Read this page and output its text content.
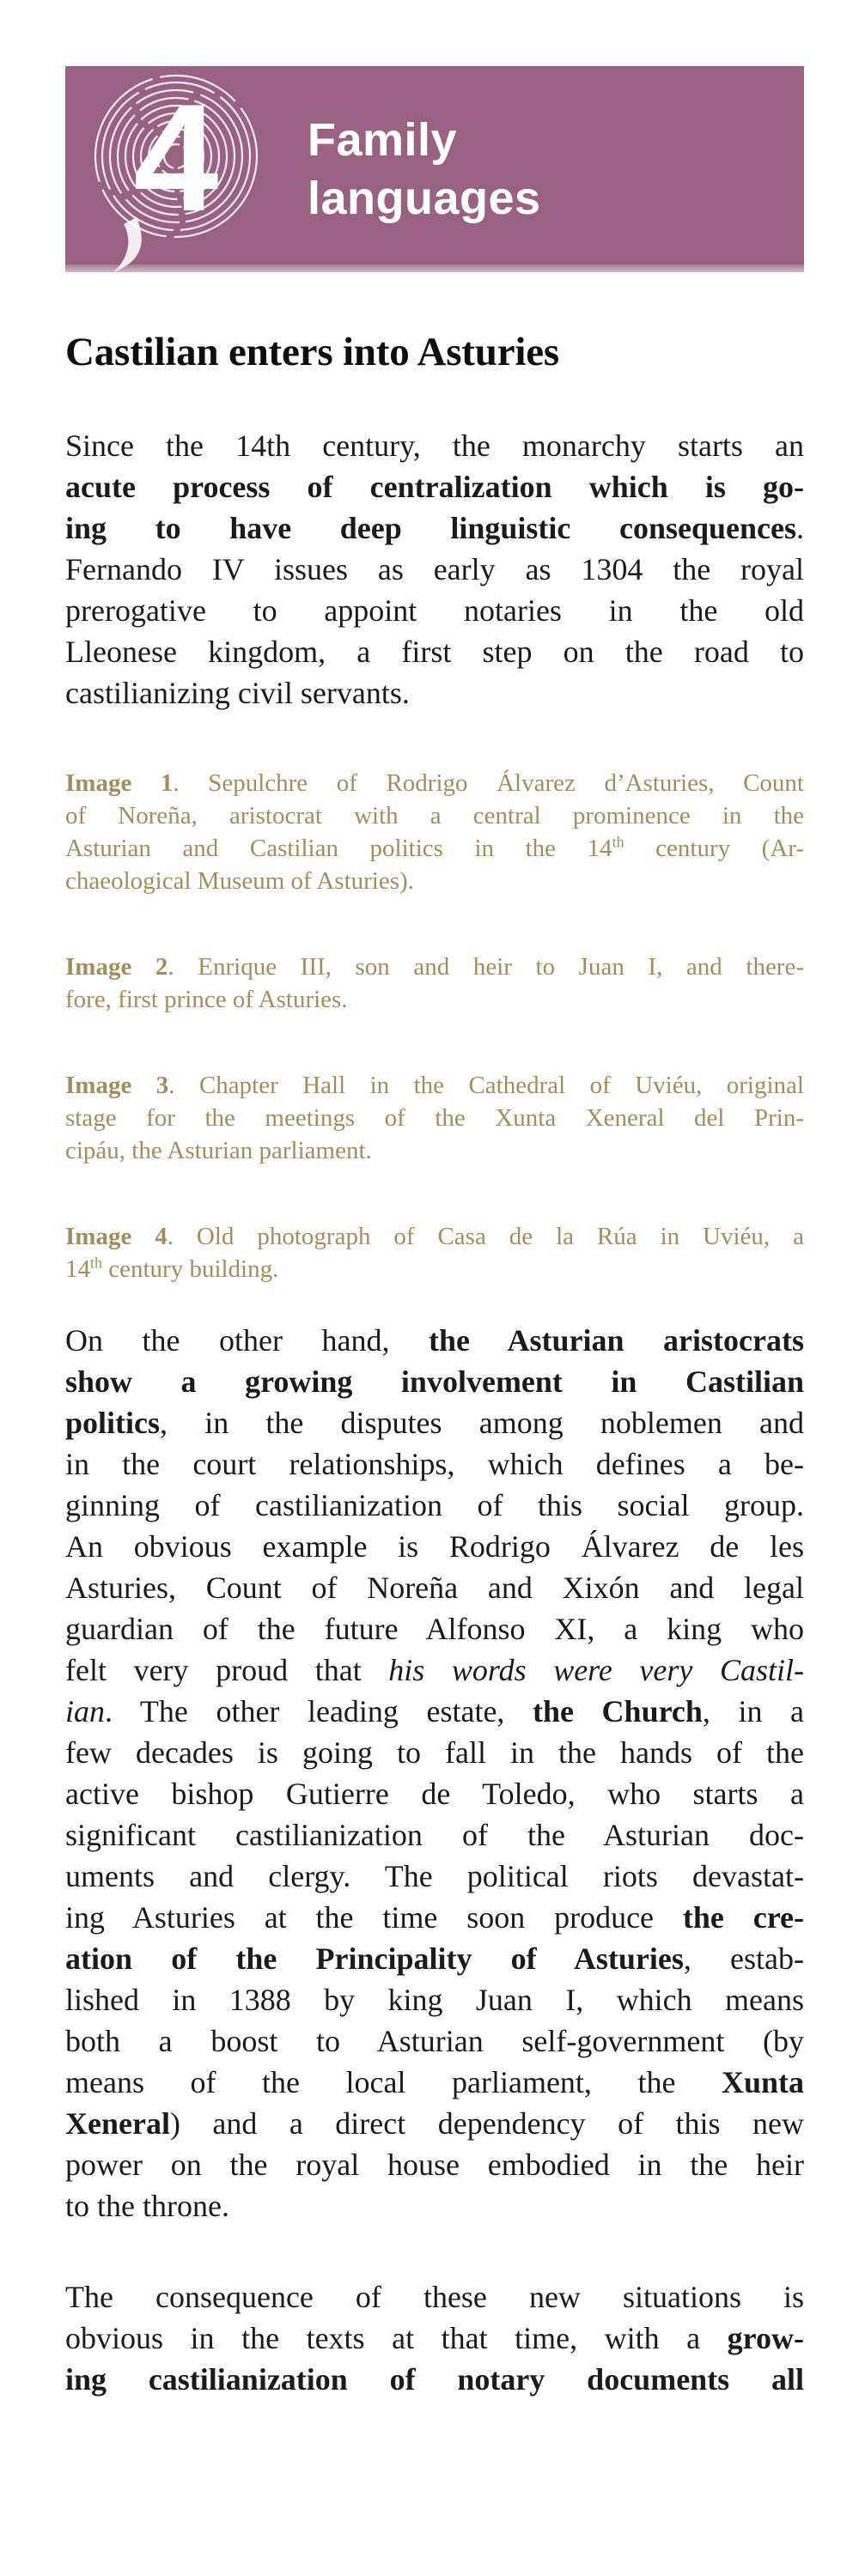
4 Family
languages
Castilian enters into Asturies
Since the 14th century, the monarchy starts an
acute process of centralization which is go-
ing to have deep linguistic consequences.
Fernando IV issues as early as 1304 the royal
prerogative to appoint notaries in the old
Lleonese kingdom, a first step on the road to
castilianizing civil servants.
Image 1. Sepulchre of Rodrigo Álvarez d’Asturies, Count
of Noreña, aristocrat with a central prominence in the
Asturian and Castilian politics in the 14th century (Ar-
chaeological Museum of Asturies).
Image 2. Enrique III, son and heir to Juan I, and there-
fore, first prince of Asturies.
Image 3. Chapter Hall in the Cathedral of Uviéu, original
stage for the meetings of the Xunta Xeneral del Prin-
cipáu, the Asturian parliament.
Image 4. Old photograph of Casa de la Rúa in Uviéu, a
14th century building.
On the other hand, the Asturian aristocrats
show a growing involvement in Castilian
politics, in the disputes among noblemen and
in the court relationships, which defines a be-
ginning of castilianization of this social group.
An obvious example is Rodrigo Álvarez de les
Asturies, Count of Noreña and Xixón and legal
guardian of the future Alfonso XI, a king who
felt very proud that his words were very Castil-
ian. The other leading estate, the Church, in a
few decades is going to fall in the hands of the
active bishop Gutierre de Toledo, who starts a
significant castilianization of the Asturian doc-
uments and clergy. The political riots devastat-
ing Asturies at the time soon produce the cre-
ation of the Principality of Asturies, estab-
lished in 1388 by king Juan I, which means
both a boost to Asturian self-government (by
means of the local parliament, the Xunta
Xeneral) and a direct dependency of this new
power on the royal house embodied in the heir
to the throne.
The consequence of these new situations is
obvious in the texts at that time, with a grow-
ing castilianization of notary documents all
